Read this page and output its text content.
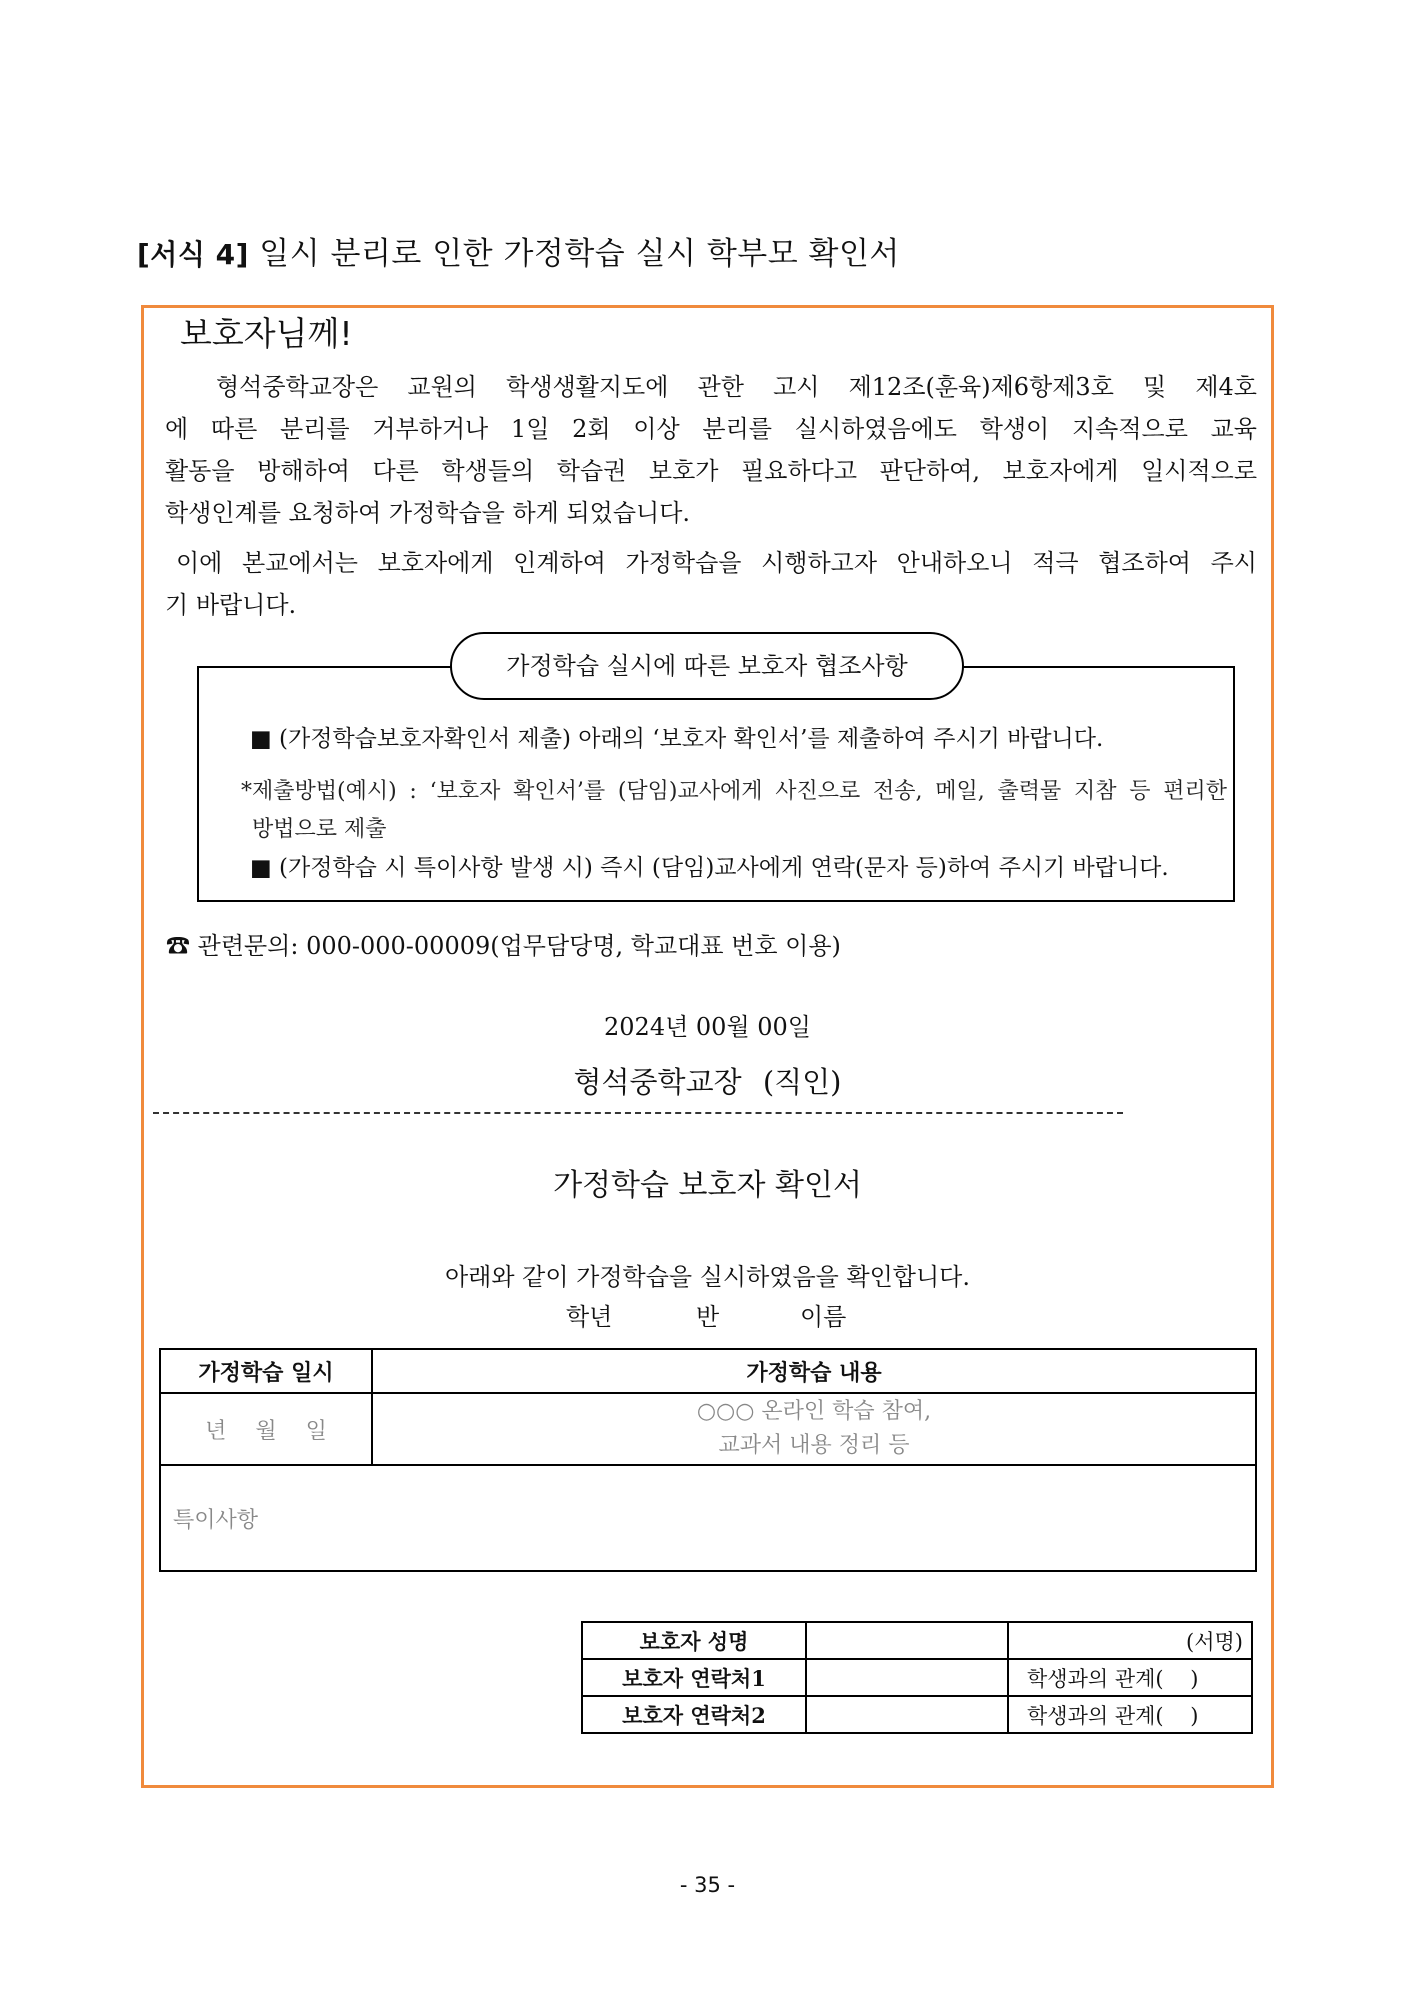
[서식 4] 일시 분리로 인한 가정학습 실시 학부모 확인서
보호자님께!
형석중학교장은 교원의 학생생활지도에 관한 고시 제12조(훈육)제6항제3호 및 제4호
에 따른 분리를 거부하거나 1일 2회 이상 분리를 실시하였음에도 학생이 지속적으로 교육
활동을 방해하여 다른 학생들의 학습권 보호가 필요하다고 판단하여, 보호자에게 일시적으로
학생인계를 요청하여 가정학습을 하게 되었습니다.
이에 본교에서는 보호자에게 인계하여 가정학습을 시행하고자 안내하오니 적극 협조하여 주시
기 바랍니다.
가정학습 실시에 따른 보호자 협조사항
■ (가정학습보호자확인서 제출) 아래의 ‘보호자 확인서’를 제출하여 주시기 바랍니다.
*제출방법(예시) : ‘보호자 확인서’를 (담임)교사에게 사진으로 전송, 메일, 출력물 지참 등 편리한
방법으로 제출
■ (가정학습 시 특이사항 발생 시) 즉시 (담임)교사에게 연락(문자 등)하여 주시기 바랍니다.
☎ 관련문의: 000-000-00009(업무담당명, 학교대표 번호 이용)
2024년 00월 00일
형석중학교장 (직인)
가정학습 보호자 확인서
아래와 같이 가정학습을 실시하였음을 확인합니다.
학년	반	이름
가정학습 일시	가정학습 내용
년 월 일	○○○ 온라인 학습 참여,
교과서 내용 정리 등

특이사항	
보호자 성명		(서명)
보호자 연락처1		학생과의 관계(    )
보호자 연락처2		학생과의 관계(    )
- 35 -
